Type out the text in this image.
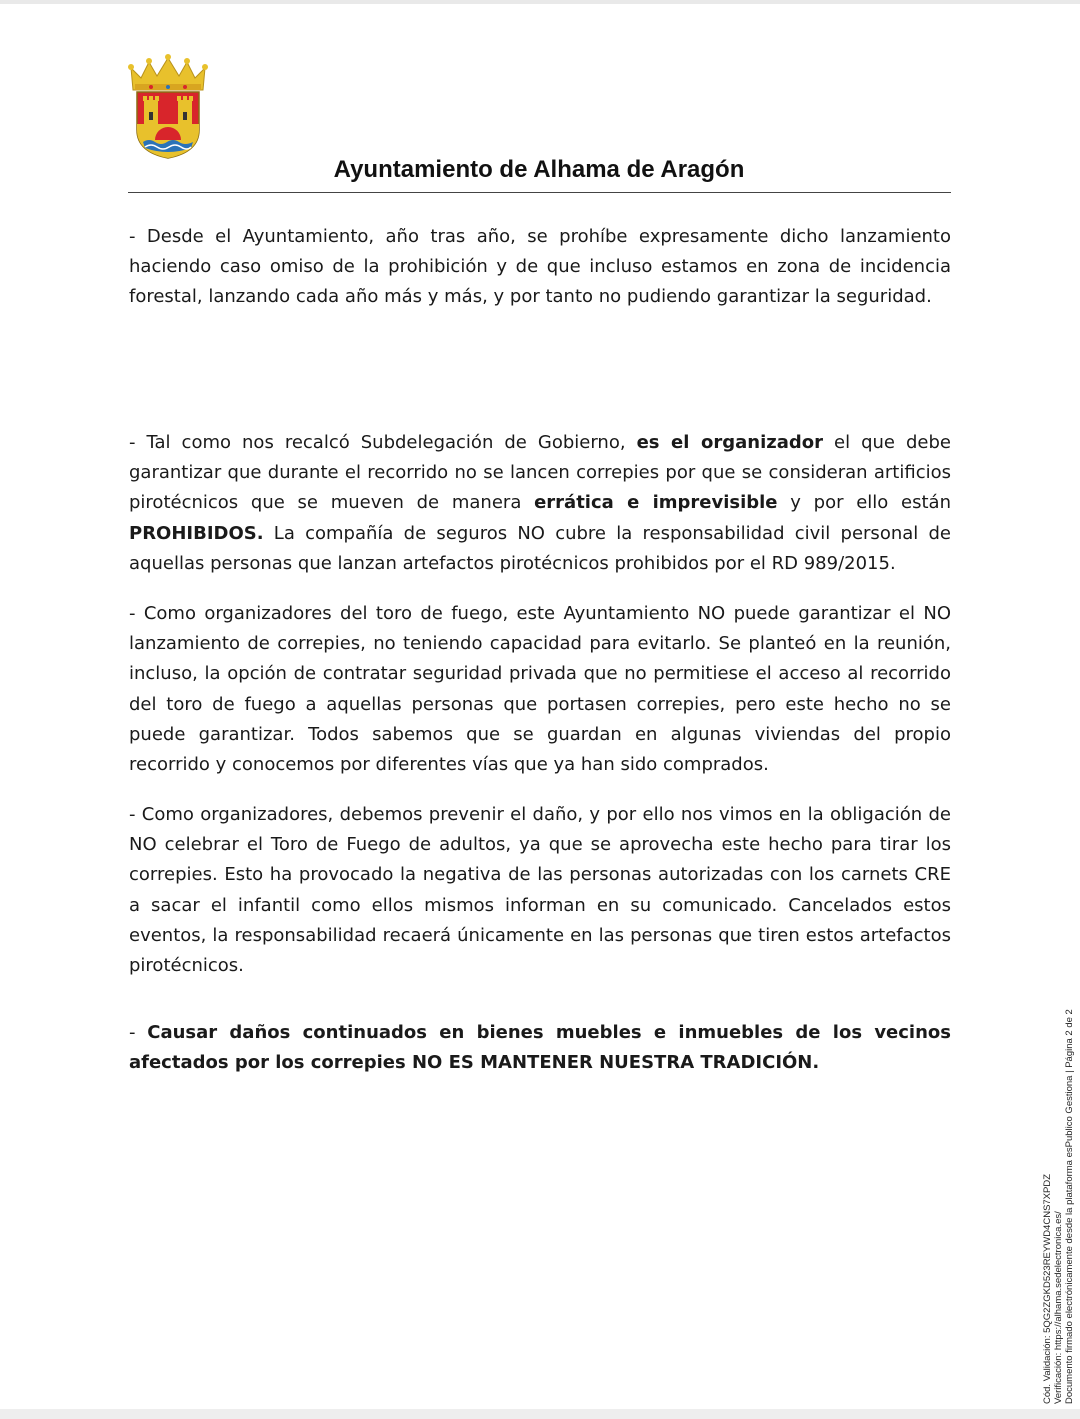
Ayuntamiento de Alhama de Aragón

- Desde el Ayuntamiento, año tras año, se prohíbe expresamente dicho lanzamiento haciendo caso omiso de la prohibición y de que incluso estamos en zona de incidencia forestal, lanzando cada año más y más, y por tanto no pudiendo garantizar la seguridad.

- Tal como nos recalcó Subdelegación de Gobierno, es el organizador el que debe garantizar que durante el recorrido no se lancen correpies por que se consideran artificios pirotécnicos que se mueven de manera errática e imprevisible y por ello están PROHIBIDOS. La compañía de seguros NO cubre la responsabilidad civil personal de aquellas personas que lanzan artefactos pirotécnicos prohibidos por el RD 989/2015.

- Como organizadores del toro de fuego, este Ayuntamiento NO puede garantizar el NO lanzamiento de correpies, no teniendo capacidad para evitarlo. Se planteó en la reunión, incluso, la opción de contratar seguridad privada que no permitiese el acceso al recorrido del toro de fuego a aquellas personas que portasen correpies, pero este hecho no se puede garantizar. Todos sabemos que se guardan en algunas viviendas del propio recorrido y conocemos por diferentes vías que ya han sido comprados.

- Como organizadores, debemos prevenir el daño, y por ello nos vimos en la obligación de NO celebrar el Toro de Fuego de adultos, ya que se aprovecha este hecho para tirar los correpies. Esto ha provocado la negativa de las personas autorizadas con los carnets CRE a sacar el infantil como ellos mismos informan en su comunicado. Cancelados estos eventos, la responsabilidad recaerá únicamente en las personas que tiren estos artefactos pirotécnicos.

- Causar daños continuados en bienes muebles e inmuebles de los vecinos afectados por los correpies NO ES MANTENER NUESTRA TRADICIÓN.

Cód. Validación: 5QG2ZGKD523REYWD4CNS7XPDZ Verificación: https://alhama.sedelectronica.es/ Documento firmado electrónicamente desde la plataforma esPublico Gestiona | Página 2 de 2
